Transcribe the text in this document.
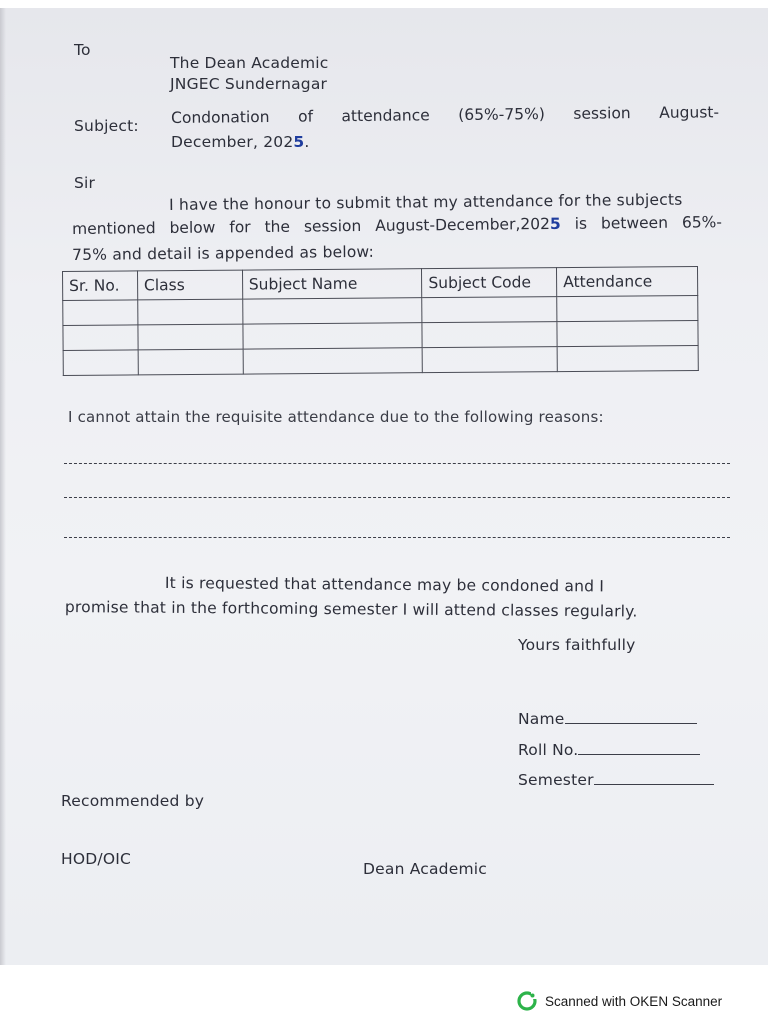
To
The Dean Academic
JNGEC Sundernagar
Subject: Condonation of attendance (65%-75%) session August-
December, 2025.
Sir
I have the honour to submit that my attendance for the subjects
mentioned below for the session August-December,2025 is between 65%-
75% and detail is appended as below:
Sr. No.	Class	Subject Name	Subject Code	Attendance

I cannot attain the requisite attendance due to the following reasons:
It is requested that attendance may be condoned and I
promise that in the forthcoming semester I will attend classes regularly.
Yours faithfully
Name
Roll No.
Semester
Recommended by
HOD/OIC
Dean Academic
Scanned with OKEN Scanner
